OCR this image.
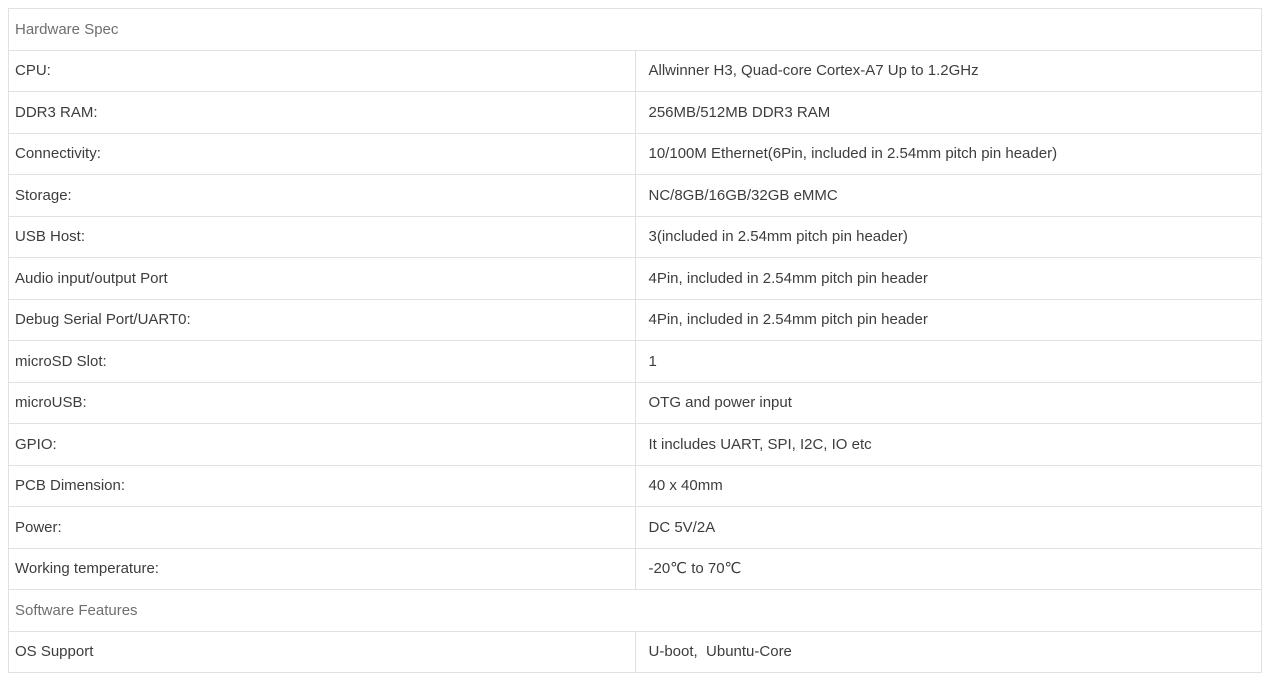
Hardware Spec	
CPU:	Allwinner H3, Quad-core Cortex-A7 Up to 1.2GHz
DDR3 RAM:	256MB/512MB DDR3 RAM
Connectivity:	10/100M Ethernet(6Pin, included in 2.54mm pitch pin header)
Storage:	NC/8GB/16GB/32GB eMMC
USB Host:	3(included in 2.54mm pitch pin header)
Audio input/output Port	4Pin, included in 2.54mm pitch pin header
Debug Serial Port/UART0:	4Pin, included in 2.54mm pitch pin header
microSD Slot:	1
microUSB:	OTG and power input
GPIO:	It includes UART, SPI, I2C, IO etc
PCB Dimension:	40 x 40mm
Power:	DC 5V/2A
Working temperature:	-20℃ to 70℃
Software Features	
OS Support	U-boot,  Ubuntu-Core
